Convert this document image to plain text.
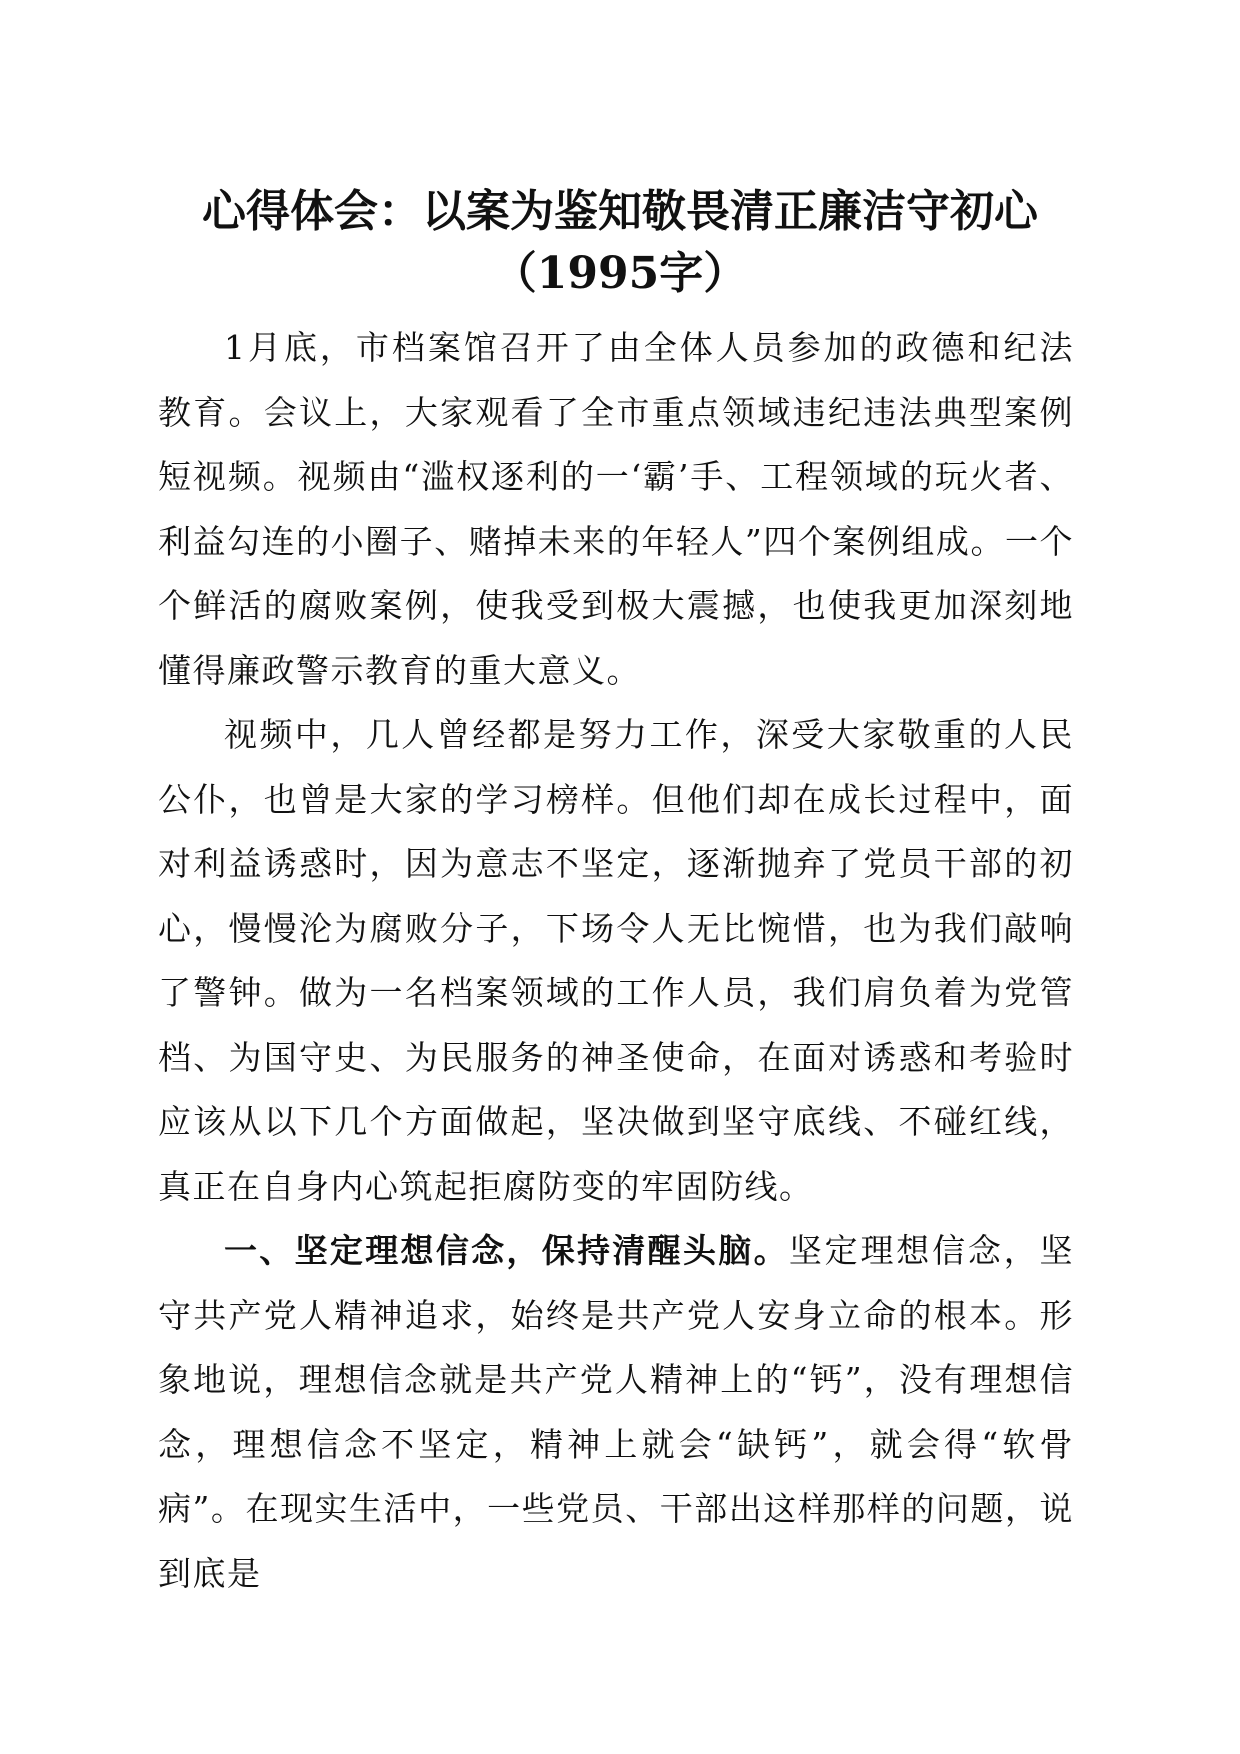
心得体会：以案为鉴知敬畏清正廉洁守初心
（1995字）

1月底，市档案馆召开了由全体人员参加的政德和纪法教育。会议上，大家观看了全市重点领域违纪违法典型案例短视频。视频由“滥权逐利的一‘霸’手、工程领域的玩火者、利益勾连的小圈子、赌掉未来的年轻人”四个案例组成。一个个鲜活的腐败案例，使我受到极大震撼，也使我更加深刻地懂得廉政警示教育的重大意义。

视频中，几人曾经都是努力工作，深受大家敬重的人民公仆，也曾是大家的学习榜样。但他们却在成长过程中，面对利益诱惑时，因为意志不坚定，逐渐抛弃了党员干部的初心，慢慢沦为腐败分子，下场令人无比惋惜，也为我们敲响了警钟。做为一名档案领域的工作人员，我们肩负着为党管档、为国守史、为民服务的神圣使命，在面对诱惑和考验时应该从以下几个方面做起，坚决做到坚守底线、不碰红线，真正在自身内心筑起拒腐防变的牢固防线。

一、坚定理想信念，保持清醒头脑。坚定理想信念，坚守共产党人精神追求，始终是共产党人安身立命的根本。形象地说，理想信念就是共产党人精神上的“钙”，没有理想信念，理想信念不坚定，精神上就会“缺钙”，就会得“软骨病”。在现实生活中，一些党员、干部出这样那样的问题，说到底是
